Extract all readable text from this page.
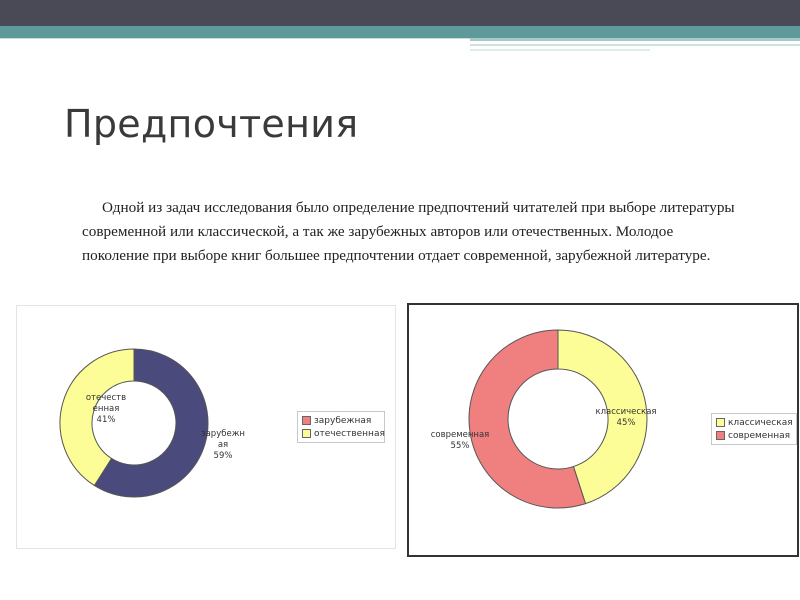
Предпочтения

Одной из задач исследования было определение предпочтений читателей при выборе литературы современной или классической, а так же зарубежных авторов или отечественных. Молодое поколение при выборе книг большее предпочтении отдает современной, зарубежной литературе.

зарубежн ая 59%
отечеств енная 41%	зарубежная
отечественная
классическая 45%
современная 55%
классическая
современная
